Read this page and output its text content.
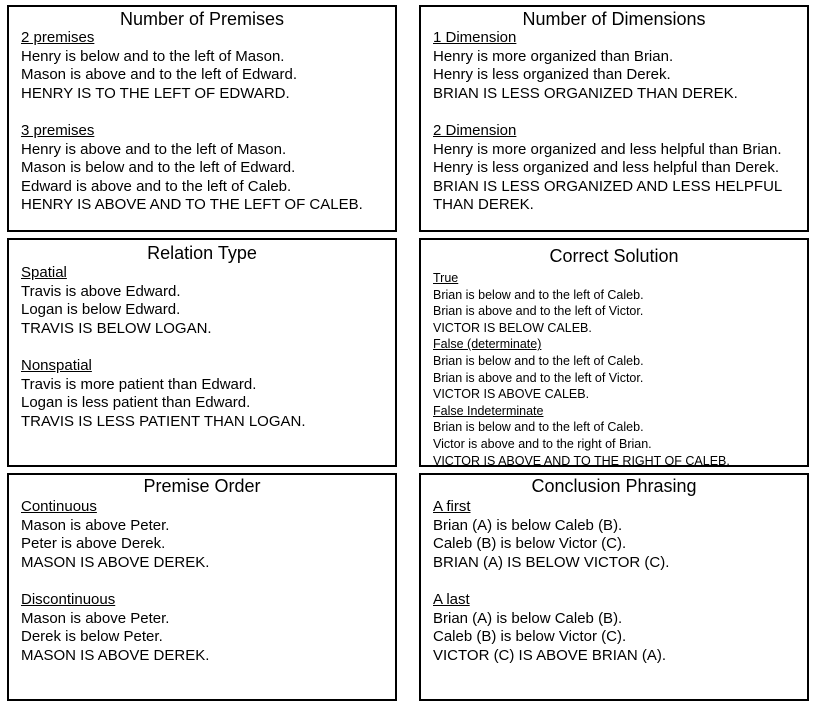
Number of Premises
2 premises
Henry is below and to the left of Mason.
Mason is above and to the left of Edward.
HENRY IS TO THE LEFT OF EDWARD.
3 premises
Henry is above and to the left of Mason.
Mason is below and to the left of Edward.
Edward is above and to the left of Caleb.
HENRY IS ABOVE AND TO THE LEFT OF CALEB.
Number of Dimensions
1 Dimension
Henry is more organized than Brian.
Henry is less organized than Derek.
BRIAN IS LESS ORGANIZED THAN DEREK.
2 Dimension
Henry is more organized and less helpful than Brian.
Henry is less organized and less helpful than Derek.
BRIAN IS LESS ORGANIZED AND LESS HELPFUL
THAN DEREK.
Relation Type
Spatial
Travis is above Edward.
Logan is below Edward.
TRAVIS IS BELOW LOGAN.
Nonspatial
Travis is more patient than Edward.
Logan is less patient than Edward.
TRAVIS IS LESS PATIENT THAN LOGAN.
Correct Solution
True
Brian is below and to the left of Caleb.
Brian is above and to the left of Victor.
VICTOR IS BELOW CALEB.
False (determinate)
Brian is below and to the left of Caleb.
Brian is above and to the left of Victor.
VICTOR IS ABOVE CALEB.
False Indeterminate
Brian is below and to the left of Caleb.
Victor is above and to the right of Brian.
VICTOR IS ABOVE AND TO THE RIGHT OF CALEB.
Premise Order
Continuous
Mason is above Peter.
Peter is above Derek.
MASON IS ABOVE DEREK.
Discontinuous
Mason is above Peter.
Derek is below Peter.
MASON IS ABOVE DEREK.
Conclusion Phrasing
A first
Brian (A) is below Caleb (B).
Caleb (B) is below Victor (C).
BRIAN (A) IS BELOW VICTOR (C).
A last
Brian (A) is below Caleb (B).
Caleb (B) is below Victor (C).
VICTOR (C) IS ABOVE BRIAN (A).
